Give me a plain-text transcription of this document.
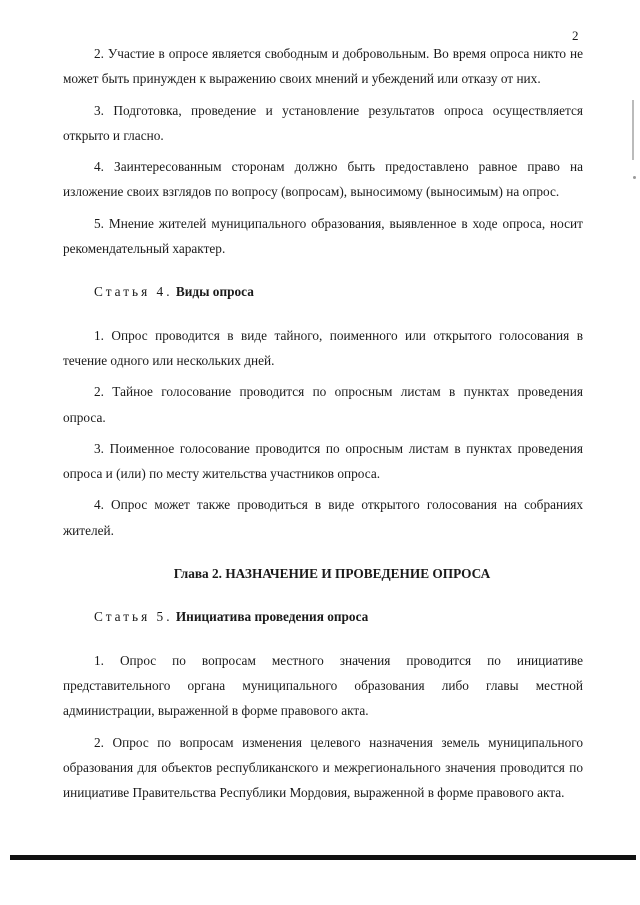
2

2. Участие в опросе является свободным и добровольным. Во время опроса никто не может быть принужден к выражению своих мнений и убеждений или отказу от них.

3. Подготовка, проведение и установление результатов опроса осуществляется открыто и гласно.

4. Заинтересованным сторонам должно быть предоставлено равное право на изложение своих взглядов по вопросу (вопросам), выносимому (выносимым) на опрос.

5. Мнение жителей муниципального образования, выявленное в ходе опроса, носит рекомендательный характер.

Статья 4. Виды опроса

1. Опрос проводится в виде тайного, поименного или открытого голосования в течение одного или нескольких дней.

2. Тайное голосование проводится по опросным листам в пунктах проведения опроса.

3. Поименное голосование проводится по опросным листам в пунктах проведения опроса и (или) по месту жительства участников опроса.

4. Опрос может также проводиться в виде открытого голосования на собраниях жителей.

Глава 2. НАЗНАЧЕНИЕ И ПРОВЕДЕНИЕ ОПРОСА
Статья 5. Инициатива проведения опроса

1. Опрос по вопросам местного значения проводится по инициативе представительного органа муниципального образования либо главы местной администрации, выраженной в форме правового акта.

2. Опрос по вопросам изменения целевого назначения земель муниципального образования для объектов республиканского и межрегионального значения проводится по инициативе Правительства Республики Мордовия, выраженной в форме правового акта.
